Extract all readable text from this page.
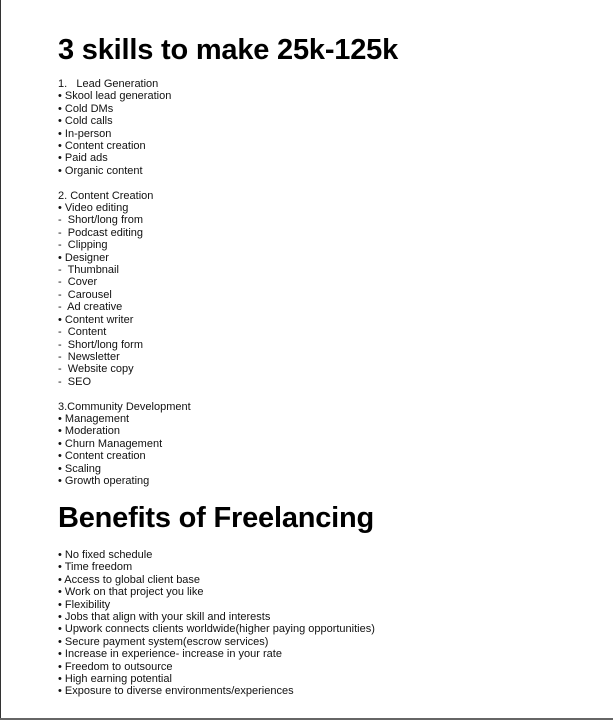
3 skills to make 25k-125k
1.   Lead Generation
• Skool lead generation
• Cold DMs
• Cold calls
• In-person
• Content creation
• Paid ads
• Organic content
2. Content Creation
• Video editing
-  Short/long from
-  Podcast editing
-  Clipping
• Designer
-  Thumbnail
-  Cover
-  Carousel
-  Ad creative
• Content writer
-  Content
-  Short/long form
-  Newsletter
-  Website copy
-  SEO
3.Community Development
• Management
• Moderation
• Churn Management
• Content creation
• Scaling
• Growth operating
Benefits of Freelancing
• No fixed schedule
• Time freedom
• Access to global client base
• Work on that project you like
• Flexibility
• Jobs that align with your skill and interests
• Upwork connects clients worldwide(higher paying opportunities)
• Secure payment system(escrow services)
• Increase in experience- increase in your rate
• Freedom to outsource
• High earning potential
• Exposure to diverse environments/experiences
